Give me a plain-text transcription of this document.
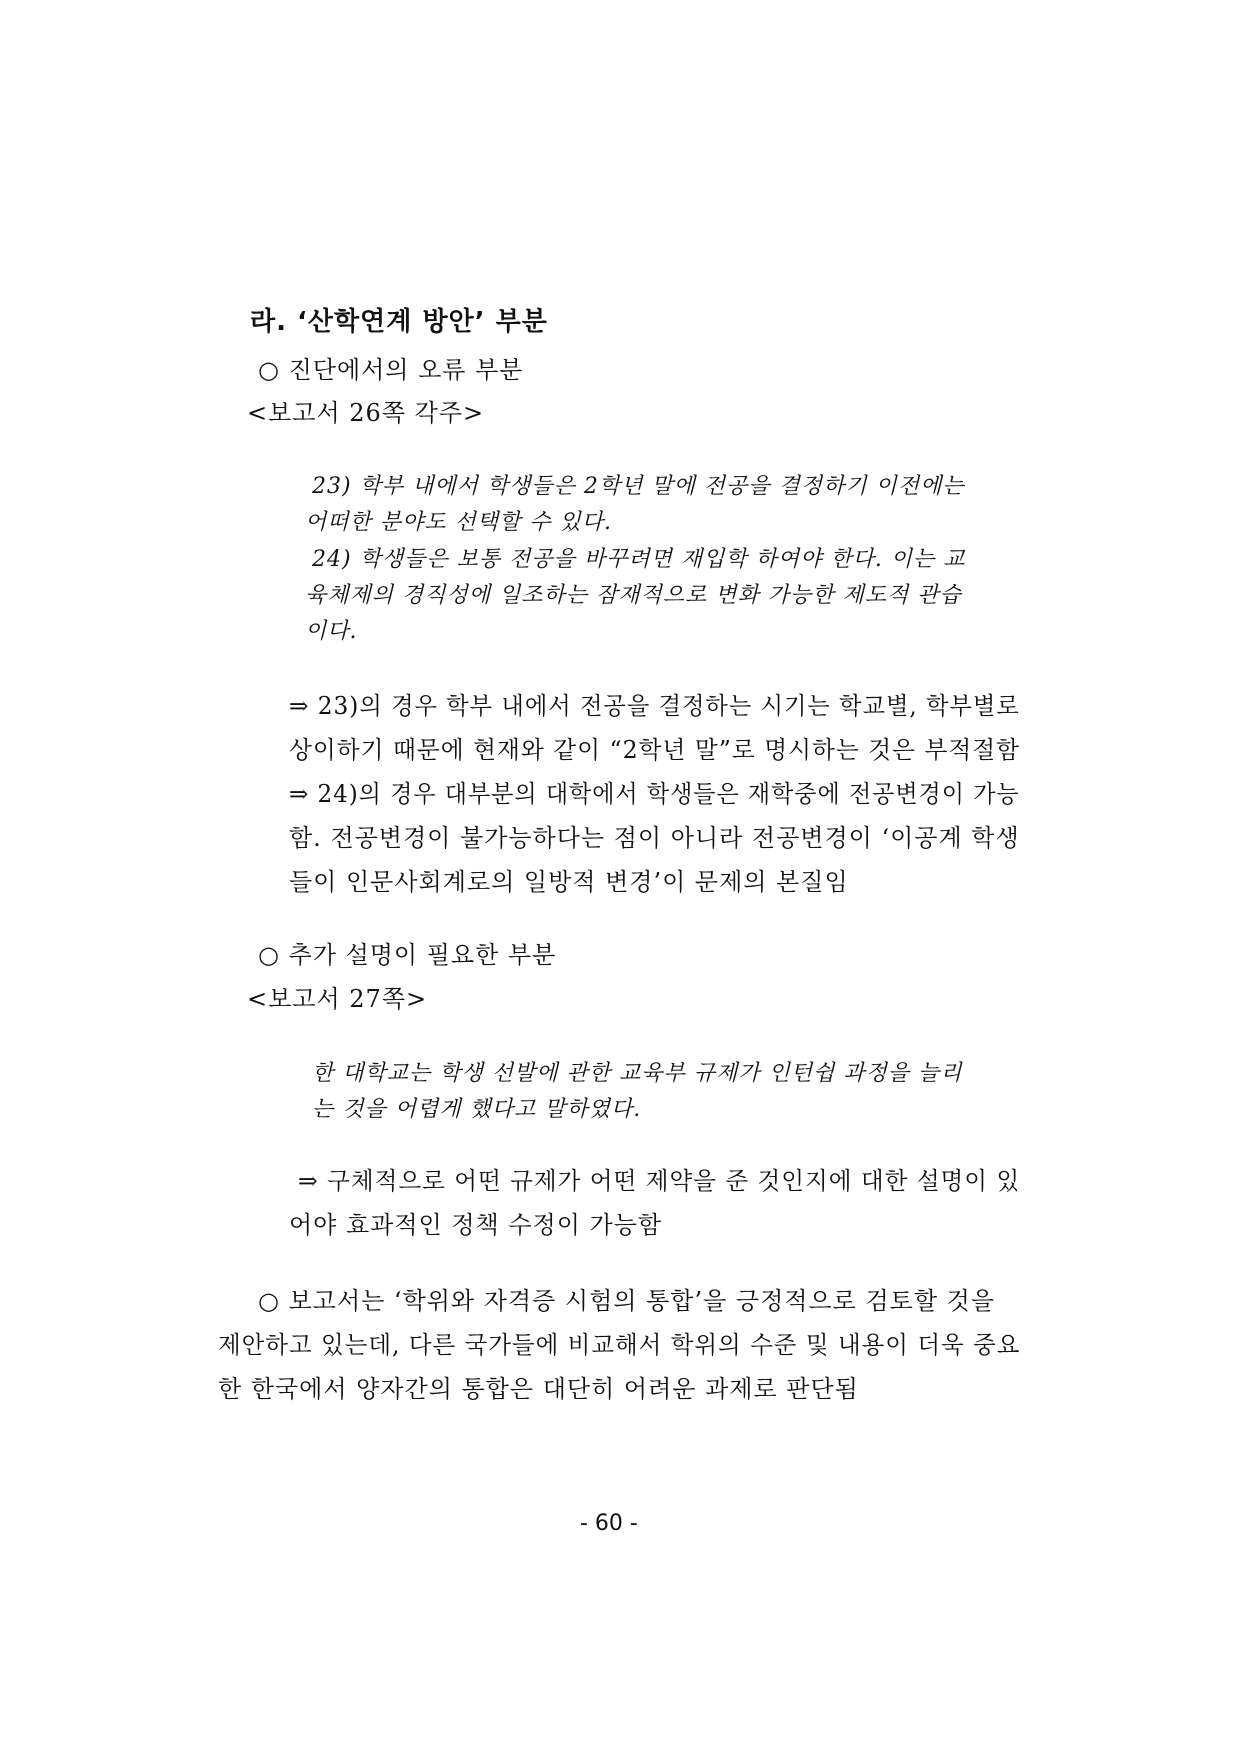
라. ‘산학연계 방안’ 부분
○ 진단에서의 오류 부분
<보고서 26쪽 각주>
23) 학부 내에서 학생들은 2학년 말에 전공을 결정하기 이전에는
어떠한 분야도 선택할 수 있다.
24) 학생들은 보통 전공을 바꾸려면 재입학 하여야 한다. 이는 교
육체제의 경직성에 일조하는 잠재적으로 변화 가능한 제도적 관습
이다.
⇒ 23)의 경우 학부 내에서 전공을 결정하는 시기는 학교별, 학부별로
상이하기 때문에 현재와 같이 “2학년 말”로 명시하는 것은 부적절함
⇒ 24)의 경우 대부분의 대학에서 학생들은 재학중에 전공변경이 가능
함. 전공변경이 불가능하다는 점이 아니라 전공변경이 ‘이공계 학생
들이 인문사회계로의 일방적 변경’이 문제의 본질임
○ 추가 설명이 필요한 부분
<보고서 27쪽>
한 대학교는 학생 선발에 관한 교육부 규제가 인턴쉽 과정을 늘리
는 것을 어렵게 했다고 말하였다.
⇒ 구체적으로 어떤 규제가 어떤 제약을 준 것인지에 대한 설명이 있
어야 효과적인 정책 수정이 가능함
○ 보고서는 ‘학위와 자격증 시험의 통합’을 긍정적으로 검토할 것을
제안하고 있는데, 다른 국가들에 비교해서 학위의 수준 및 내용이 더욱 중요
한 한국에서 양자간의 통합은 대단히 어려운 과제로 판단됨
- 60 -
